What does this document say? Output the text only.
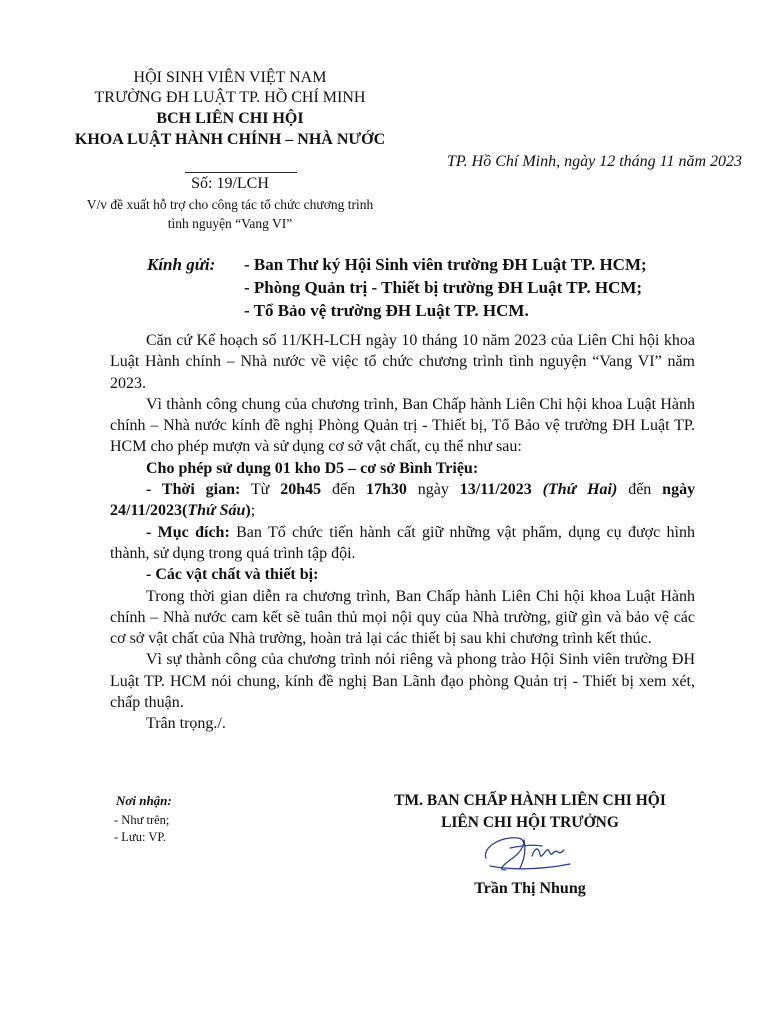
HỘI SINH VIÊN VIỆT NAM
TRƯỜNG ĐH LUẬT TP. HỒ CHÍ MINH
BCH LIÊN CHI HỘI
KHOA LUẬT HÀNH CHÍNH – NHÀ NƯỚC
Số: 19/LCH
V/v đề xuất hỗ trợ cho công tác tổ chức chương trình
tình nguyện “Vang VI”
TP. Hồ Chí Minh, ngày 12 tháng 11 năm 2023
Kính gửi: - Ban Thư ký Hội Sinh viên trường ĐH Luật TP. HCM;
- Phòng Quản trị - Thiết bị trường ĐH Luật TP. HCM;
- Tổ Bảo vệ trường ĐH Luật TP. HCM.

Căn cứ Kế hoạch số 11/KH-LCH ngày 10 tháng 10 năm 2023 của Liên Chi hội khoa Luật Hành chính – Nhà nước về việc tổ chức chương trình tình nguyện “Vang VI” năm 2023.

Vì thành công chung của chương trình, Ban Chấp hành Liên Chi hội khoa Luật Hành chính – Nhà nước kính đề nghị Phòng Quản trị - Thiết bị, Tổ Bảo vệ trường ĐH Luật TP. HCM cho phép mượn và sử dụng cơ sở vật chất, cụ thể như sau:

Cho phép sử dụng 01 kho D5 – cơ sở Bình Triệu:

- Thời gian: Từ 20h45 đến 17h30 ngày 13/11/2023 (Thứ Hai) đến ngày 24/11/2023(Thứ Sáu);

- Mục đích: Ban Tổ chức tiến hành cất giữ những vật phẩm, dụng cụ được hình thành, sử dụng trong quá trình tập đội.

- Các vật chất và thiết bị:

Trong thời gian diễn ra chương trình, Ban Chấp hành Liên Chi hội khoa Luật Hành chính – Nhà nước cam kết sẽ tuân thủ mọi nội quy của Nhà trường, giữ gìn và bảo vệ các cơ sở vật chất của Nhà trường, hoàn trả lại các thiết bị sau khi chương trình kết thúc.

Vì sự thành công của chương trình nói riêng và phong trào Hội Sinh viên trường ĐH Luật TP. HCM nói chung, kính đề nghị Ban Lãnh đạo phòng Quản trị - Thiết bị xem xét, chấp thuận.

Trân trọng./.

Nơi nhận:
- Như trên;
- Lưu: VP.
TM. BAN CHẤP HÀNH LIÊN CHI HỘI
LIÊN CHI HỘI TRƯỞNG
Trần Thị Nhung
